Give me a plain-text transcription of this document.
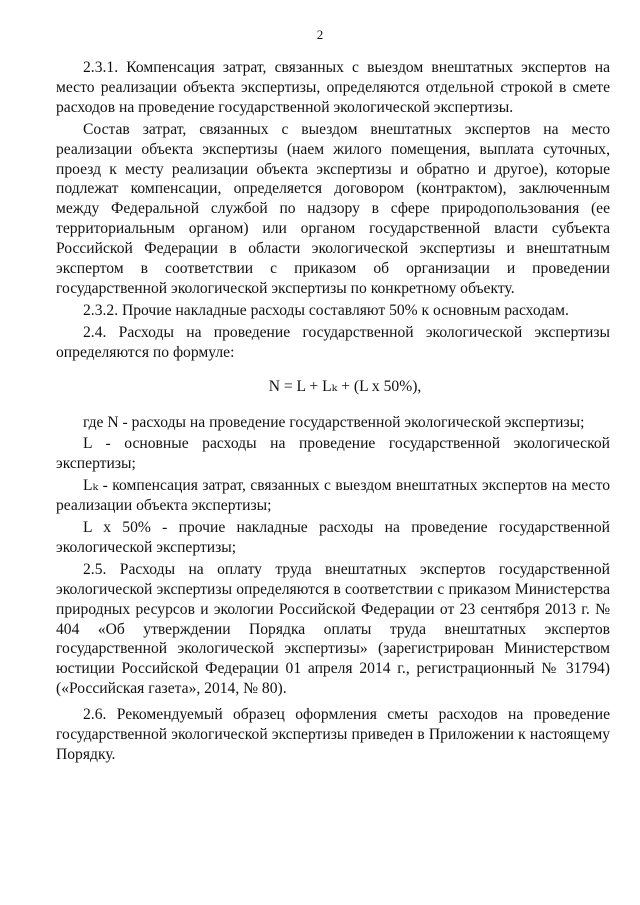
2

2.3.1. Компенсация затрат, связанных с выездом внештатных экспертов на место реализации объекта экспертизы, определяются отдельной строкой в смете расходов на проведение государственной экологической экспертизы.

Состав затрат, связанных с выездом внештатных экспертов на место реализации объекта экспертизы (наем жилого помещения, выплата суточных, проезд к месту реализации объекта экспертизы и обратно и другое), которые подлежат компенсации, определяется договором (контрактом), заключенным между Федеральной службой по надзору в сфере природопользования (ее территориальным органом) или органом государственной власти субъекта Российской Федерации в области экологической экспертизы и внештатным экспертом в соответствии с приказом об организации и проведении государственной экологической экспертизы по конкретному объекту.

2.3.2. Прочие накладные расходы составляют 50% к основным расходам.

2.4. Расходы на проведение государственной экологической экспертизы определяются по формуле:

N = L + Lₖ + (L x 50%),

где N - расходы на проведение государственной экологической экспертизы;

L - основные расходы на проведение государственной экологической экспертизы;

Lₖ - компенсация затрат, связанных с выездом внештатных экспертов на место реализации объекта экспертизы;

L x 50% - прочие накладные расходы на проведение государственной экологической экспертизы;

2.5. Расходы на оплату труда внештатных экспертов государственной экологической экспертизы определяются в соответствии с приказом Министерства природных ресурсов и экологии Российской Федерации от 23 сентября 2013 г. № 404 «Об утверждении Порядка оплаты труда внештатных экспертов государственной экологической экспертизы» (зарегистрирован Министерством юстиции Российской Федерации 01 апреля 2014 г., регистрационный № 31794) («Российская газета», 2014, № 80).

2.6. Рекомендуемый образец оформления сметы расходов на проведение государственной экологической экспертизы приведен в Приложении к настоящему Порядку.
